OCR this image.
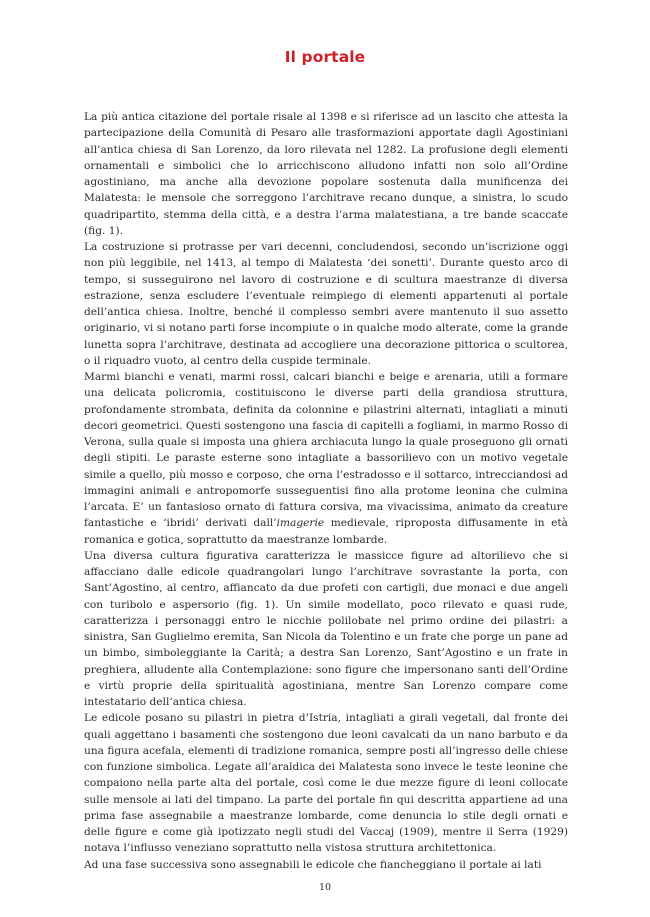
Il portale

La più antica citazione del portale risale al 1398 e si riferisce ad un lascito che attesta la partecipazione della Comunità di Pesaro alle trasformazioni apportate dagli Agostiniani all’antica chiesa di San Lorenzo, da loro rilevata nel 1282. La profusione degli elementi ornamentali e simbolici che lo arricchiscono alludono infatti non solo all’Ordine agostiniano, ma anche alla devozione popolare sostenuta dalla munificenza dei Malatesta: le mensole che sorreggono l’architrave recano dunque, a sinistra, lo scudo quadripartito, stemma della città, e a destra l’arma malatestiana, a tre bande scaccate (fig. 1).

La costruzione si protrasse per vari decenni, concludendosi, secondo un’iscrizione oggi non più leggibile, nel 1413, al tempo di Malatesta ‘dei sonetti’. Durante questo arco di tempo, si susseguirono nel lavoro di costruzione e di scultura maestranze di diversa estrazione, senza escludere l’eventuale reimpiego di elementi appartenuti al portale dell’antica chiesa. Inoltre, benché il complesso sembri avere mantenuto il suo assetto originario, vi si notano parti forse incompiute o in qualche modo alterate, come la grande lunetta sopra l’architrave, destinata ad accogliere una decorazione pittorica o scultorea, o il riquadro vuoto, al centro della cuspide terminale.

Marmi bianchi e venati, marmi rossi, calcari bianchi e beige e arenaria, utili a formare una delicata policromia, costituiscono le diverse parti della grandiosa struttura, profondamente strombata, definita da colonnine e pilastrini alternati, intagliati a minuti decori geometrici. Questi sostengono una fascia di capitelli a fogliami, in marmo Rosso di Verona, sulla quale si imposta una ghiera archiacuta lungo la quale proseguono gli ornati degli stipiti. Le paraste esterne sono intagliate a bassorilievo con un motivo vegetale simile a quello, più mosso e corposo, che orna l’estradosso e il sottarco, intrecciandosi ad immagini animali e antropomorfe susseguentisi fino alla protome leonina che culmina l’arcata. E’ un fantasioso ornato di fattura corsiva, ma vivacissima, animato da creature fantastiche e ‘ibridi’ derivati dall’imagerie medievale, riproposta diffusamente in età romanica e gotica, soprattutto da maestranze lombarde.

Una diversa cultura figurativa caratterizza le massicce figure ad altorilievo che si affacciano dalle edicole quadrangolari lungo l’architrave sovrastante la porta, con Sant’Agostino, al centro, affiancato da due profeti con cartigli, due monaci e due angeli con turibolo e aspersorio (fig. 1). Un simile modellato, poco rilevato e quasi rude, caratterizza i personaggi entro le nicchie polilobate nel primo ordine dei pilastri: a sinistra, San Guglielmo eremita, San Nicola da Tolentino e un frate che porge un pane ad un bimbo, simboleggiante la Carità; a destra San Lorenzo, Sant’Agostino e un frate in preghiera, alludente alla Contemplazione: sono figure che impersonano santi dell’Ordine e virtù proprie della spiritualità agostiniana, mentre San Lorenzo compare come intestatario dell’antica chiesa.

Le edicole posano su pilastri in pietra d’Istria, intagliati a girali vegetali, dal fronte dei quali aggettano i basamenti che sostengono due leoni cavalcati da un nano barbuto e da una figura acefala, elementi di tradizione romanica, sempre posti all’ingresso delle chiese con funzione simbolica. Legate all’araldica dei Malatesta sono invece le teste leonine che compaiono nella parte alta del portale, così come le due mezze figure di leoni collocate sulle mensole ai lati del timpano. La parte del portale fin qui descritta appartiene ad una prima fase assegnabile a maestranze lombarde, come denuncia lo stile degli ornati e delle figure e come già ipotizzato negli studi del Vaccaj (1909), mentre il Serra (1929) notava l’influsso veneziano soprattutto nella vistosa struttura architettonica.

Ad una fase successiva sono assegnabili le edicole che fiancheggiano il portale ai lati

10
